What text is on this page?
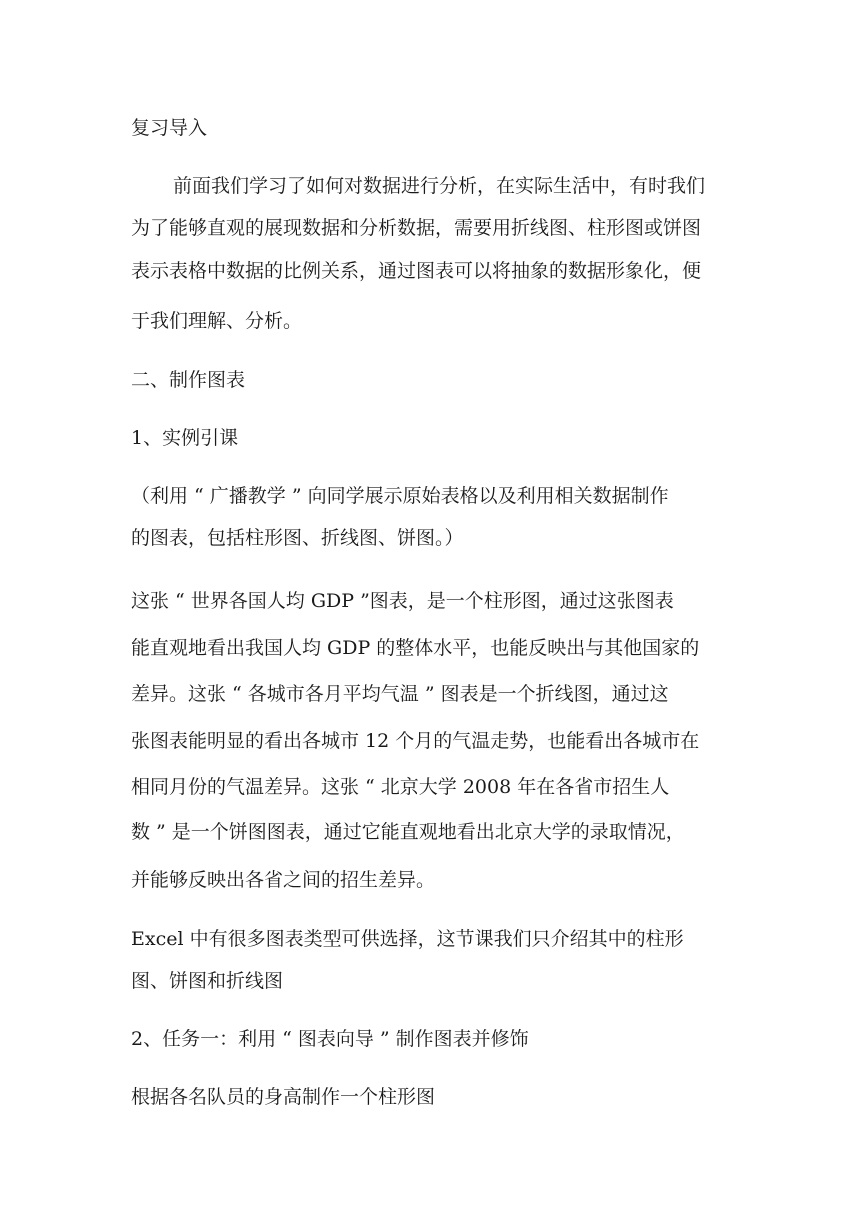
复习导入
前面我们学习了如何对数据进行分析，在实际生活中，有时我们
为了能够直观的展现数据和分析数据，需要用折线图、柱形图或饼图
表示表格中数据的比例关系，通过图表可以将抽象的数据形象化，便
于我们理解、分析。
二、制作图表
1、实例引课
（利用 “ 广播教学 ” 向同学展示原始表格以及利用相关数据制作
的图表，包括柱形图、折线图、饼图。）
这张 “ 世界各国人均 GDP ”图表，是一个柱形图，通过这张图表
能直观地看出我国人均 GDP 的整体水平，也能反映出与其他国家的
差异。这张 “ 各城市各月平均气温 ” 图表是一个折线图，通过这
张图表能明显的看出各城市 12 个月的气温走势，也能看出各城市在
相同月份的气温差异。这张 “ 北京大学 2008 年在各省市招生人
数 ” 是一个饼图图表，通过它能直观地看出北京大学的录取情况，
并能够反映出各省之间的招生差异。
Excel 中有很多图表类型可供选择，这节课我们只介绍其中的柱形
图、饼图和折线图
2、任务一：利用 “ 图表向导 ” 制作图表并修饰
根据各名队员的身高制作一个柱形图
